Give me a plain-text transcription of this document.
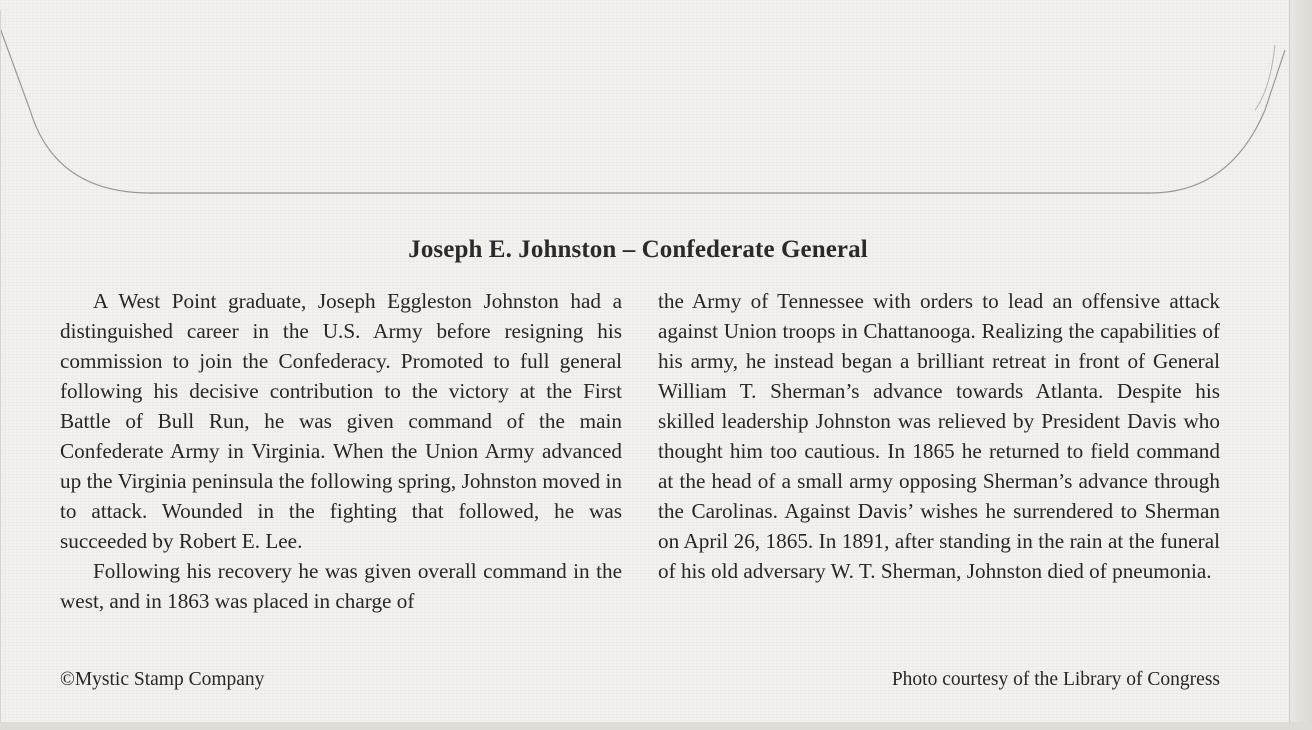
Joseph E. Johnston – Confederate General

A West Point graduate, Joseph Eggleston Johnston had a distinguished career in the U.S. Army before resigning his commission to join the Confederacy. Promoted to full general following his decisive contribution to the victory at the First Battle of Bull Run, he was given command of the main Confederate Army in Virginia. When the Union Army advanced up the Virginia peninsula the following spring, Johnston moved in to attack. Wounded in the fighting that followed, he was succeeded by Robert E. Lee.

Following his recovery he was given overall command in the west, and in 1863 was placed in charge of

the Army of Tennessee with orders to lead an offensive attack against Union troops in Chattanooga. Realizing the capabilities of his army, he instead began a brilliant retreat in front of General William T. Sherman’s advance towards Atlanta. Despite his skilled leadership Johnston was relieved by President Davis who thought him too cautious. In 1865 he returned to field command at the head of a small army opposing Sherman’s advance through the Carolinas. Against Davis’ wishes he surrendered to Sherman on April 26, 1865. In 1891, after standing in the rain at the funeral of his old adversary W. T. Sherman, Johnston died of pneumonia.

©Mystic Stamp Company	Photo courtesy of the Library of Congress
